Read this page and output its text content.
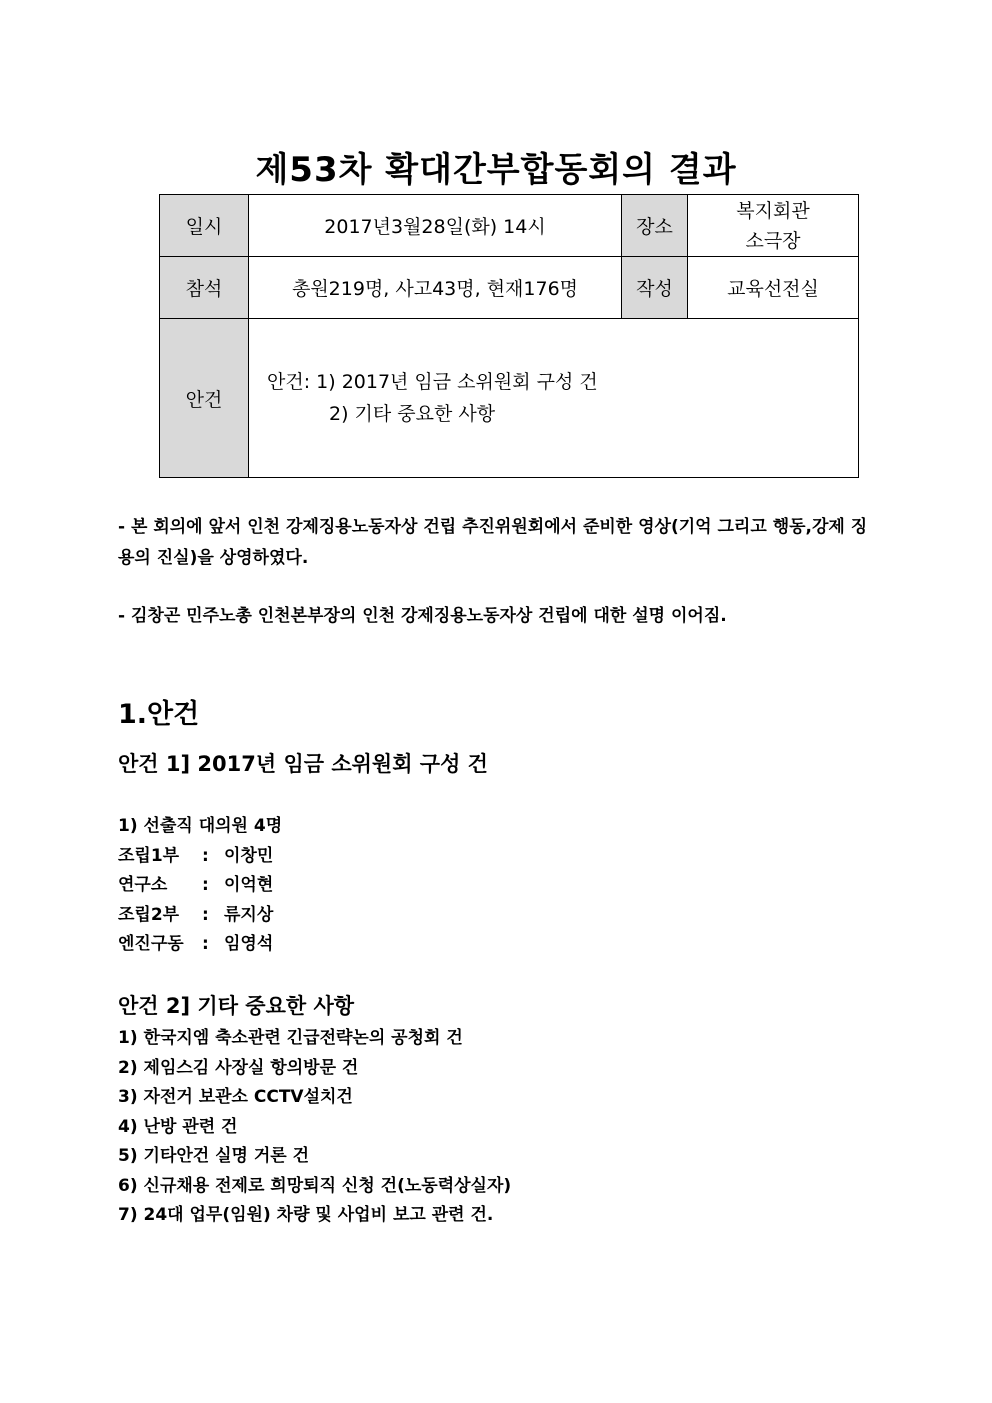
제53차 확대간부합동회의 결과
일시	2017년3월28일(화) 14시	장소	복지회관
소극장

참석	총원219명, 사고43명, 현재176명	작성	교육선전실
안건	안건: 1) 2017년 임금 소위원회 구성 건
2) 기타 중요한 사항		
- 본 회의에 앞서 인천 강제징용노동자상 건립 추진위원회에서 준비한 영상(기억 그리고 행동,강제 징용의 진실)을 상영하였다.
- 김창곤 민주노총 인천본부장의 인천 강제징용노동자상 건립에 대한 설명 이어짐.
1.안건
안건 1] 2017년 임금 소위원회 구성 건
1) 선출직 대의원 4명
조립1부 : 이창민
연구소 : 이억현
조립2부 : 류지상
엔진구동 : 임영석
안건 2] 기타 중요한 사항
1) 한국지엠 축소관련 긴급전략논의 공청회 건
2) 제임스김 사장실 항의방문 건
3) 자전거 보관소 CCTV설치건
4) 난방 관련 건
5) 기타안건 실명 거론 건
6) 신규채용 전제로 희망퇴직 신청 건(노동력상실자)
7) 24대 업무(임원) 차량 및 사업비 보고 관련 건.
